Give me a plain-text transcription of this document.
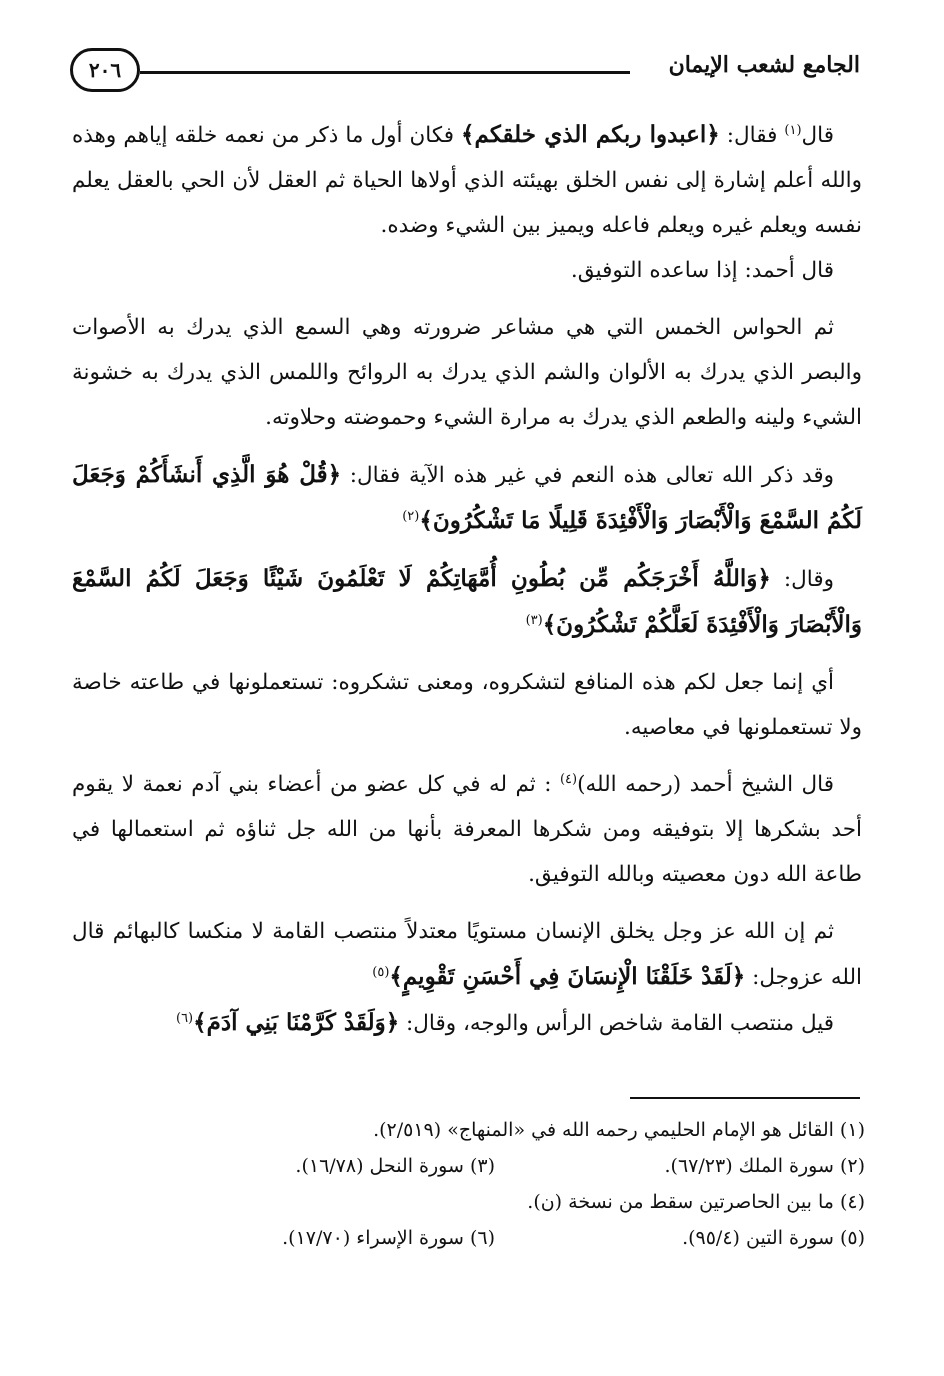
٢٠٦	الجامع لشعب الإيمان

قال$^{(١)}$ فقال: ﴿اعبدوا ربكم الذي خلقكم﴾ فكان أول ما ذكر من نعمه خلقه إياهم وهذه والله أعلم إشارة إلى نفس الخلق بهيئته الذي أولاها الحياة ثم العقل لأن الحي بالعقل يعلم نفسه ويعلم غيره ويعلم فاعله ويميز بين الشيء وضده.

قال أحمد: إذا ساعده التوفيق.

ثم الحواس الخمس التي هي مشاعر ضرورته وهي السمع الذي يدرك به الأصوات والبصر الذي يدرك به الألوان والشم الذي يدرك به الروائح واللمس الذي يدرك به خشونة الشيء ولينه والطعم الذي يدرك به مرارة الشيء وحموضته وحلاوته.

وقد ذكر الله تعالى هذه النعم في غير هذه الآية فقال: ﴿قُلْ هُوَ الَّذِي أَنشَأَكُمْ وَجَعَلَ لَكُمُ السَّمْعَ وَالْأَبْصَارَ وَالْأَفْئِدَةَ قَلِيلًا مَا تَشْكُرُونَ﴾$^{(٢)}$

وقال: ﴿وَاللَّهُ أَخْرَجَكُم مِّن بُطُونِ أُمَّهَاتِكُمْ لَا تَعْلَمُونَ شَيْئًا وَجَعَلَ لَكُمُ السَّمْعَ وَالْأَبْصَارَ وَالْأَفْئِدَةَ لَعَلَّكُمْ تَشْكُرُونَ﴾$^{(٣)}$

أي إنما جعل لكم هذه المنافع لتشكروه، ومعنى تشكروه: تستعملونها في طاعته خاصة ولا تستعملونها في معاصيه.

قال الشيخ أحمد (رحمه الله)$^{(٤)}$ : ثم له في كل عضو من أعضاء بني آدم نعمة لا يقوم أحد بشكرها إلا بتوفيقه ومن شكرها المعرفة بأنها من الله جل ثناؤه ثم استعمالها في طاعة الله دون معصيته وبالله التوفيق.

ثم إن الله عز وجل يخلق الإنسان مستويًا معتدلاً منتصب القامة لا منكسا كالبهائم قال الله عزوجل: ﴿لَقَدْ خَلَقْنَا الْإِنسَانَ فِي أَحْسَنِ تَقْوِيمٍ﴾$^{(٥)}$

قيل منتصب القامة شاخص الرأس والوجه، وقال: ﴿وَلَقَدْ كَرَّمْنَا بَنِي آدَمَ﴾$^{(٦)}$

(١) القائل هو الإمام الحليمي رحمه الله في «المنهاج» (٢/٥١٩).
(٢) سورة الملك (٦٧/٢٣).
(٣) سورة النحل (١٦/٧٨).
(٤) ما بين الحاصرتين سقط من نسخة (ن).
(٥) سورة التين (٩٥/٤).
(٦) سورة الإسراء (١٧/٧٠).
